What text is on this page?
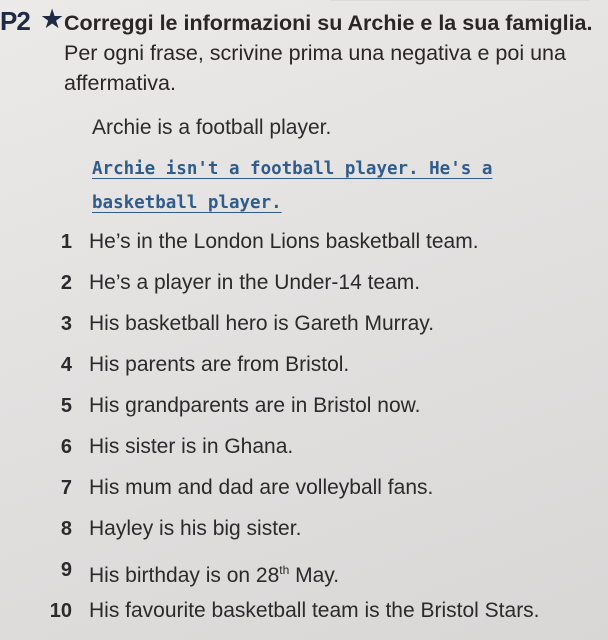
P2 ★ Correggi le informazioni su Archie e la sua famiglia. Per ogni frase, scrivine prima una negativa e poi una affermativa.
Archie is a football player.
Archie isn't a football player. He's a basketball player.
1 He’s in the London Lions basketball team.
2 He’s a player in the Under-14 team.
3 His basketball hero is Gareth Murray.
4 His parents are from Bristol.
5 His grandparents are in Bristol now.
6 His sister is in Ghana.
7 His mum and dad are volleyball fans.
8 Hayley is his big sister.
9 His birthday is on 28th May.
10 His favourite basketball team is the Bristol Stars.
